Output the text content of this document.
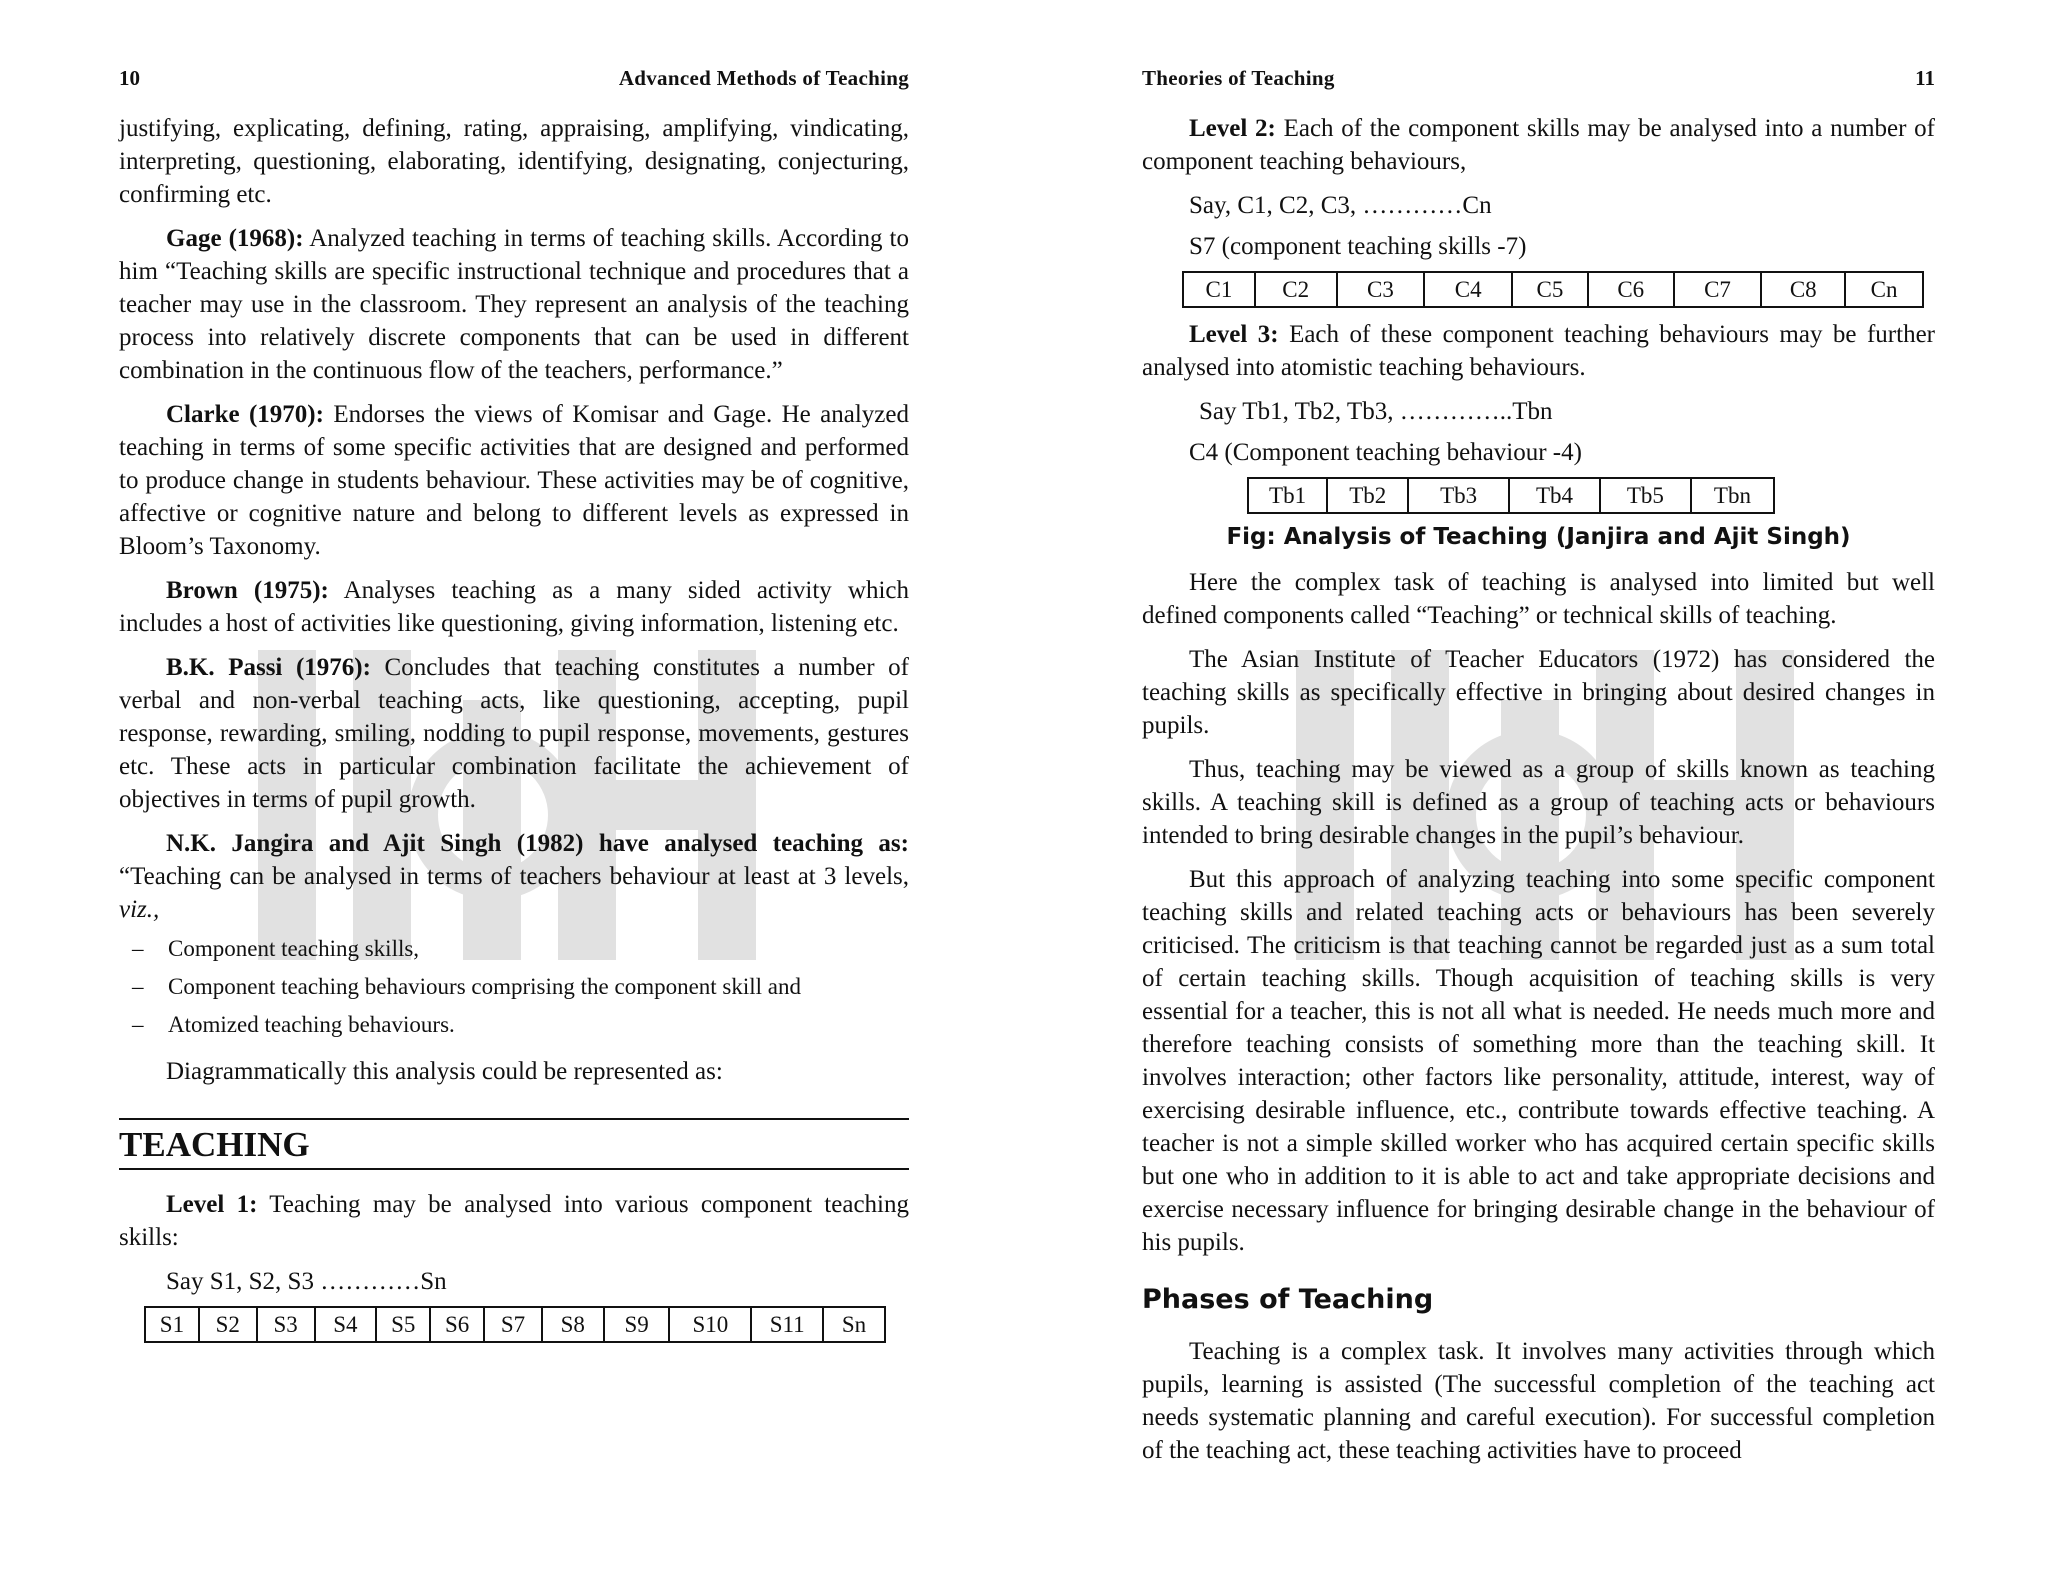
10	Advanced Methods of Teaching

justifying, explicating, defining, rating, appraising, amplifying, vindicating, interpreting, questioning, elaborating, identifying, designating, conjecturing, confirming etc.

Gage (1968): Analyzed teaching in terms of teaching skills. According to him “Teaching skills are specific instructional technique and procedures that a teacher may use in the classroom. They represent an analysis of the teaching process into relatively discrete components that can be used in different combination in the continuous flow of the teachers, performance.”

Clarke (1970): Endorses the views of Komisar and Gage. He analyzed teaching in terms of some specific activities that are designed and performed to produce change in students behaviour. These activities may be of cognitive, affective or cognitive nature and belong to different levels as expressed in Bloom’s Taxonomy.

Brown (1975): Analyses teaching as a many sided activity which includes a host of activities like questioning, giving information, listening etc.

B.K. Passi (1976): Concludes that teaching constitutes a number of verbal and non-verbal teaching acts, like questioning, accepting, pupil response, rewarding, smiling, nodding to pupil response, movements, gestures etc. These acts in particular combination facilitate the achievement of objectives in terms of pupil growth.

N.K. Jangira and Ajit Singh (1982) have analysed teaching as: “Teaching can be analysed in terms of teachers behaviour at least at 3 levels, viz.,

– Component teaching skills,
– Component teaching behaviours comprising the component skill and
– Atomized teaching behaviours.

Diagrammatically this analysis could be represented as:

TEACHING

Level 1: Teaching may be analysed into various component teaching skills:

Say S1, S2, S3 …………Sn

S1	S2	S3	S4	S5	S6	S7	S8	S9	S10	S11	Sn
Theories of Teaching	11

Level 2: Each of the component skills may be analysed into a number of component teaching behaviours,

Say, C1, C2, C3, …………Cn

S7 (component teaching skills -7)

C1	C2	C3	C4	C5	C6	C7	C8	Cn

Level 3: Each of these component teaching behaviours may be further analysed into atomistic teaching behaviours.

Say Tb1, Tb2, Tb3, …………..Tbn

C4 (Component teaching behaviour -4)

Tb1	Tb2	Tb3	Tb4	Tb5	Tbn
Fig: Analysis of Teaching (Janjira and Ajit Singh)

Here the complex task of teaching is analysed into limited but well defined components called “Teaching” or technical skills of teaching.

The Asian Institute of Teacher Educators (1972) has considered the teaching skills as specifically effective in bringing about desired changes in pupils.

Thus, teaching may be viewed as a group of skills known as teaching skills. A teaching skill is defined as a group of teaching acts or behaviours intended to bring desirable changes in the pupil’s behaviour.

But this approach of analyzing teaching into some specific component teaching skills and related teaching acts or behaviours has been severely criticised. The criticism is that teaching cannot be regarded just as a sum total of certain teaching skills. Though acquisition of teaching skills is very essential for a teacher, this is not all what is needed. He needs much more and therefore teaching consists of something more than the teaching skill. It involves interaction; other factors like personality, attitude, interest, way of exercising desirable influence, etc., contribute towards effective teaching. A teacher is not a simple skilled worker who has acquired certain specific skills but one who in addition to it is able to act and take appropriate decisions and exercise necessary influence for bringing desirable change in the behaviour of his pupils.

Phases of Teaching

Teaching is a complex task. It involves many activities through which pupils, learning is assisted (The successful completion of the teaching act needs systematic planning and careful execution). For successful completion of the teaching act, these teaching activities have to proceed
